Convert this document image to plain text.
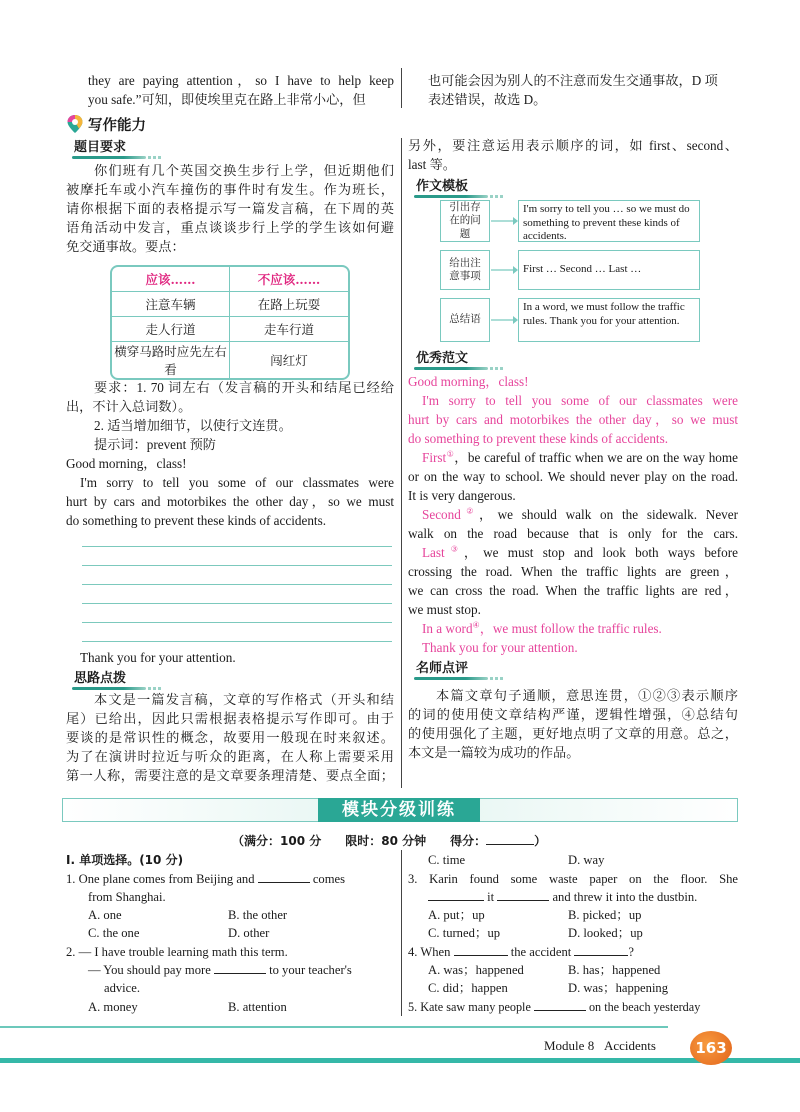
they are paying attention，so I have to help keep
you safe.”可知，即使埃里克在路上非常小心，但
也可能会因为别人的不注意而发生交通事故，D 项
表述错误，故选 D。
写作能力
题目要求
你们班有几个英国交换生步行上学，但近期他们
被摩托车或小汽车撞伤的事件时有发生。作为班长，
请你根据下面的表格提示写一篇发言稿，在下周的英
语角活动中发言，重点谈谈步行上学的学生该如何避
免交通事故。要点：
应该……	不应该……
注意车辆	在路上玩耍
走人行道	走车行道
横穿马路时应先左右看	闯红灯
要求：1. 70 词左右（发言稿的开头和结尾已经给
出，不计入总词数）。
2. 适当增加细节，以使行文连贯。
提示词：prevent 预防
Good morning，class!
I'm sorry to tell you some of our classmates were
hurt by cars and motorbikes the other day，so we must
do something to prevent these kinds of accidents.
Thank you for your attention.
思路点拨
本文是一篇发言稿，文章的写作格式（开头和结
尾）已给出，因此只需根据表格提示写作即可。由于
要谈的是常识性的概念，故要用一般现在时来叙述。
为了在演讲时拉近与听众的距离，在人称上需要采用
第一人称，需要注意的是文章要条理清楚、要点全面；
另外，要注意运用表示顺序的词，如 first、second、
last 等。
作文模板
引出存在的问题
I'm sorry to tell you … so we must do something to prevent these kinds of accidents.
给出注意事项
First … Second … Last …
总结语
In a word, we must follow the traffic rules. Thank you for your attention.
优秀范文
Good morning，class!
I'm sorry to tell you some of our classmates were
hurt by cars and motorbikes the other day，so we must
do something to prevent these kinds of accidents.
First①，be careful of traffic when we are on the way home
or on the way to school. We should never play on the road.
It is very dangerous.
Second②，we should walk on the sidewalk. Never
walk on the road because that is only for the cars.
Last③，we must stop and look both ways before
crossing the road. When the traffic lights are green，
we can cross the road. When the traffic lights are red，
we must stop.
In a word④，we must follow the traffic rules.
Thank you for your attention.
名师点评
本篇文章句子通顺，意思连贯，①②③表示顺序
的词的使用使文章结构严谨，逻辑性增强，④总结句
的使用强化了主题，更好地点明了文章的用意。总之，
本文是一篇较为成功的作品。
模块分级训练
（满分：100 分　　限时：80 分钟　　得分：	）
Ⅰ. 单项选择。(10 分)
1. One plane comes from Beijing and	comes
from Shanghai.
A. one	B. the other
C. the one	D. other
2. — I have trouble learning math this term.
— You should pay more	to your teacher's
advice.
A. money	B. attention
C. time	D. way
3. Karin found some waste paper on the floor. She
it	and threw it into the dustbin.
A. put；up	B. picked；up
C. turned；up	D. looked；up
4. When	the accident	?
A. was；happened	B. has；happened
C. did；happen	D. was；happening
5. Kate saw many people	on the beach yesterday
Module 8 Accidents	163
